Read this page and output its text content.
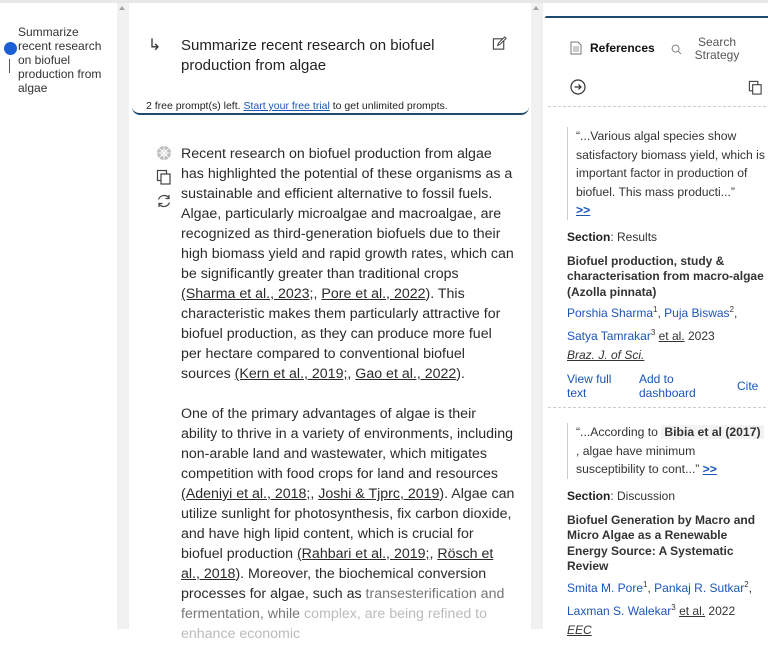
Summarize recent research on biofuel production from algae
↳ Summarize recent research on biofuel production from algae
2 free prompt(s) left. Start your free trial to get unlimited prompts.

Recent research on biofuel production from algae has highlighted the potential of these organisms as a sustainable and efficient alternative to fossil fuels. Algae, particularly microalgae and macroalgae, are recognized as third-generation biofuels due to their high biomass yield and rapid growth rates, which can be significantly greater than traditional crops (Sharma et al., 2023;, Pore et al., 2022). This characteristic makes them particularly attractive for biofuel production, as they can produce more fuel per hectare compared to conventional biofuel sources (Kern et al., 2019;, Gao et al., 2022).

One of the primary advantages of algae is their ability to thrive in a variety of environments, including non-arable land and wastewater, which mitigates competition with food crops for land and resources (Adeniyi et al., 2018;, Joshi & Tjprc, 2019). Algae can utilize sunlight for photosynthesis, fix carbon dioxide, and have high lipid content, which is crucial for biofuel production (Rahbari et al., 2019;, Rösch et al., 2018). Moreover, the biochemical conversion processes for algae, such as transesterification and fermentation, while complex, are being refined to enhance economic

References	Search Strategy
“...Various algal species show satisfactory biomass yield, which is important factor in production of biofuel. This mass producti...”
>>
Section: Results
Biofuel production, study & characterisation from macro-algae (Azolla pinnata)
Porshia Sharma$^1$, Puja Biswas$^2$,
Satya Tamrakar$^3$ et al. 2023
Braz. J. of Sci.
View full text
Add to dashboard	Cite
“...According to Bibia et al (2017) , algae have minimum susceptibility to cont...” >>
Section: Discussion
Biofuel Generation by Macro and Micro Algae as a Renewable Energy Source: A Systematic Review
Smita M. Pore$^1$, Pankaj R. Sutkar$^2$,
Laxman S. Walekar$^3$ et al. 2022
EEC
